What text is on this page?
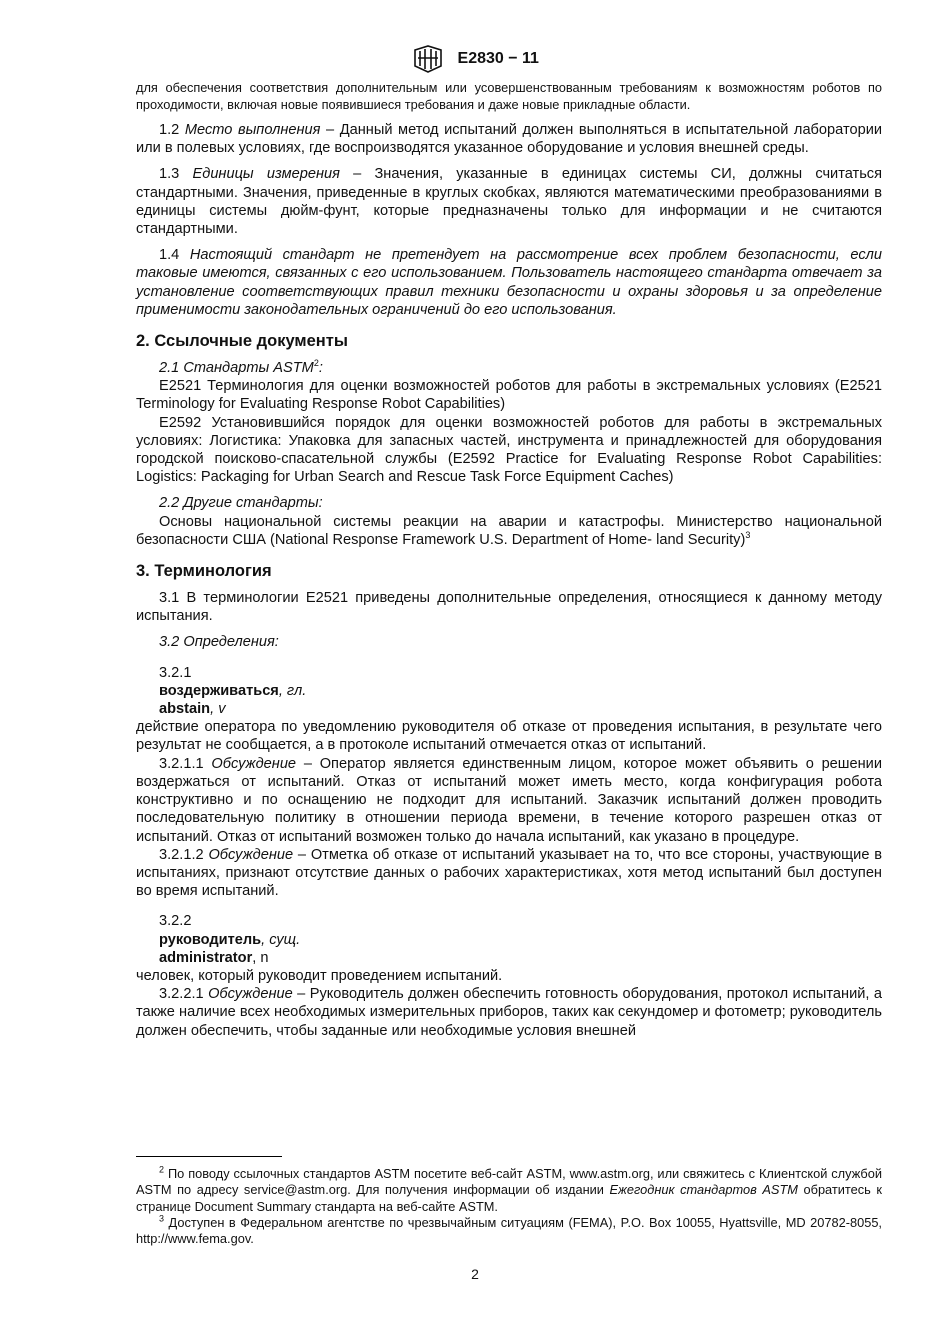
E2830 − 11

для обеспечения соответствия дополнительным или усовершенствованным требованиям к возможностям роботов по проходимости, включая новые появившиеся требования и даже новые прикладные области.

1.2 Место выполнения – Данный метод испытаний должен выполняться в испытательной лаборатории или в полевых условиях, где воспроизводятся указанное оборудование и условия внешней среды.

1.3 Единицы измерения – Значения, указанные в единицах системы СИ, должны считаться стандартными. Значения, приведенные в круглых скобках, являются математическими преобразованиями в единицы системы дюйм-фунт, которые предназначены только для информации и не считаются стандартными.

1.4 Настоящий стандарт не претендует на рассмотрение всех проблем безопасности, если таковые имеются, связанных с его использованием. Пользователь настоящего стандарта отвечает за установление соответствующих правил техники безопасности и охраны здоровья и за определение применимости законодательных ограничений до его использования.

2. Ссылочные документы

2.1 Стандарты ASTM$^2$:

E2521 Терминология для оценки возможностей роботов для работы в экстремальных условиях (E2521 Terminology for Evaluating Response Robot Capabilities)

E2592 Установившийся порядок для оценки возможностей роботов для работы в экстремальных условиях: Логистика: Упаковка для запасных частей, инструмента и принадлежностей для оборудования городской поисково-спасательной службы (E2592 Practice for Evaluating Response Robot Capabilities: Logistics: Packaging for Urban Search and Rescue Task Force Equipment Caches)

2.2 Другие стандарты:

Основы национальной системы реакции на аварии и катастрофы. Министерство национальной безопасности США (National Response Framework U.S. Department of Home- land Security)$^3$

3. Терминология

3.1 В терминологии E2521 приведены дополнительные определения, относящиеся к данному методу испытания.

3.2 Определения:

3.2.1

воздерживаться, гл.

abstain, v

действие оператора по уведомлению руководителя об отказе от проведения испытания, в результате чего результат не сообщается, а в протоколе испытаний отмечается отказ от испытаний.

3.2.1.1 Обсуждение – Оператор является единственным лицом, которое может объявить о решении воздержаться от испытаний. Отказ от испытаний может иметь место, когда конфигурация робота конструктивно и по оснащению не подходит для испытаний. Заказчик испытаний должен проводить последовательную политику в отношении периода времени, в течение которого разрешен отказ от испытаний. Отказ от испытаний возможен только до начала испытаний, как указано в процедуре.

3.2.1.2 Обсуждение – Отметка об отказе от испытаний указывает на то, что все стороны, участвующие в испытаниях, признают отсутствие данных о рабочих характеристиках, хотя метод испытаний был доступен во время испытаний.

3.2.2

руководитель, сущ.

administrator, n

человек, который руководит проведением испытаний.

3.2.2.1 Обсуждение – Руководитель должен обеспечить готовность оборудования, протокол испытаний, а также наличие всех необходимых измерительных приборов, таких как секундомер и фотометр; руководитель должен обеспечить, чтобы заданные или необходимые условия внешней

$^2$ По поводу ссылочных стандартов ASTM посетите веб-сайт ASTM, www.astm.org, или свяжитесь с Клиентской службой ASTM по адресу service@astm.org. Для получения информации об издании Ежегодник стандартов ASTM обратитесь к странице Document Summary стандарта на веб-сайте ASTM.

$^3$ Доступен в Федеральном агентстве по чрезвычайным ситуациям (FEMA), P.O. Box 10055, Hyattsville, MD 20782-8055, http://www.fema.gov.

2
